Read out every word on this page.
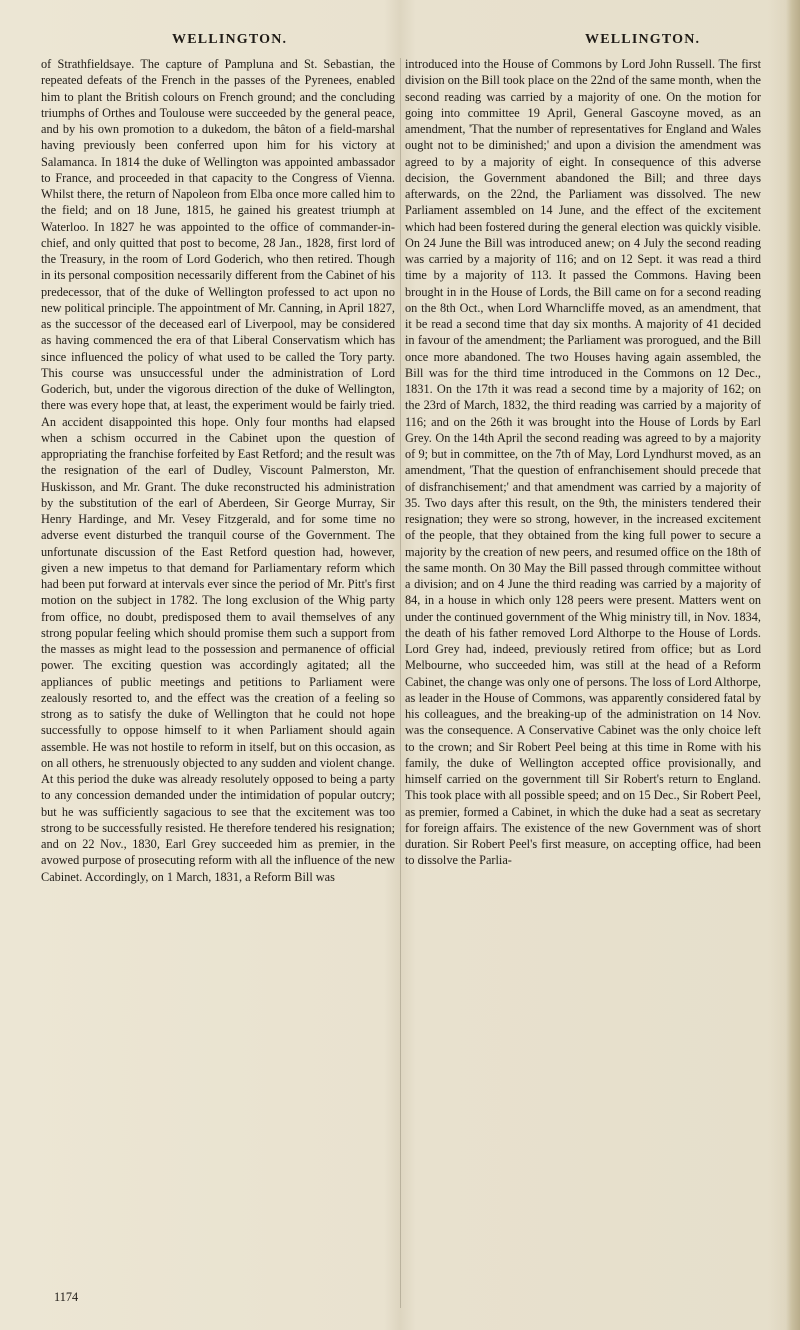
WELLINGTON.	WELLINGTON.

of Strathfieldsaye. The capture of Pampluna and St. Sebastian, the repeated defeats of the French in the passes of the Pyrenees, enabled him to plant the British colours on French ground; and the concluding triumphs of Orthes and Toulouse were succeeded by the general peace, and by his own promotion to a dukedom, the bâton of a field-marshal having previously been conferred upon him for his victory at Salamanca. In 1814 the duke of Wellington was appointed ambassador to France, and proceeded in that capacity to the Congress of Vienna. Whilst there, the return of Napoleon from Elba once more called him to the field; and on 18 June, 1815, he gained his greatest triumph at Waterloo. In 1827 he was appointed to the office of commander-in-chief, and only quitted that post to become, 28 Jan., 1828, first lord of the Treasury, in the room of Lord Goderich, who then retired. Though in its personal composition necessarily different from the Cabinet of his predecessor, that of the duke of Wellington professed to act upon no new political principle. The appointment of Mr. Canning, in April 1827, as the successor of the deceased earl of Liverpool, may be considered as having commenced the era of that Liberal Conservatism which has since influenced the policy of what used to be called the Tory party. This course was unsuccessful under the administration of Lord Goderich, but, under the vigorous direction of the duke of Wellington, there was every hope that, at least, the experiment would be fairly tried. An accident disappointed this hope. Only four months had elapsed when a schism occurred in the Cabinet upon the question of appropriating the franchise forfeited by East Retford; and the result was the resignation of the earl of Dudley, Viscount Palmerston, Mr. Huskisson, and Mr. Grant. The duke reconstructed his administration by the substitution of the earl of Aberdeen, Sir George Murray, Sir Henry Hardinge, and Mr. Vesey Fitzgerald, and for some time no adverse event disturbed the tranquil course of the Government. The unfortunate discussion of the East Retford question had, however, given a new impetus to that demand for Parliamentary reform which had been put forward at intervals ever since the period of Mr. Pitt's first motion on the subject in 1782. The long exclusion of the Whig party from office, no doubt, predisposed them to avail themselves of any strong popular feeling which should promise them such a support from the masses as might lead to the possession and permanence of official power. The exciting question was accordingly agitated; all the appliances of public meetings and petitions to Parliament were zealously resorted to, and the effect was the creation of a feeling so strong as to satisfy the duke of Wellington that he could not hope successfully to oppose himself to it when Parliament should again assemble. He was not hostile to reform in itself, but on this occasion, as on all others, he strenuously objected to any sudden and violent change. At this period the duke was already resolutely opposed to being a party to any concession demanded under the intimidation of popular outcry; but he was sufficiently sagacious to see that the excitement was too strong to be successfully resisted. He therefore tendered his resignation; and on 22 Nov., 1830, Earl Grey succeeded him as premier, in the avowed purpose of prosecuting reform with all the influence of the new Cabinet. Accordingly, on 1 March, 1831, a Reform Bill was

introduced into the House of Commons by Lord John Russell. The first division on the Bill took place on the 22nd of the same month, when the second reading was carried by a majority of one. On the motion for going into committee 19 April, General Gascoyne moved, as an amendment, 'That the number of representatives for England and Wales ought not to be diminished;' and upon a division the amendment was agreed to by a majority of eight. In consequence of this adverse decision, the Government abandoned the Bill; and three days afterwards, on the 22nd, the Parliament was dissolved. The new Parliament assembled on 14 June, and the effect of the excitement which had been fostered during the general election was quickly visible. On 24 June the Bill was introduced anew; on 4 July the second reading was carried by a majority of 116; and on 12 Sept. it was read a third time by a majority of 113. It passed the Commons. Having been brought in in the House of Lords, the Bill came on for a second reading on the 8th Oct., when Lord Wharncliffe moved, as an amendment, that it be read a second time that day six months. A majority of 41 decided in favour of the amendment; the Parliament was prorogued, and the Bill once more abandoned. The two Houses having again assembled, the Bill was for the third time introduced in the Commons on 12 Dec., 1831. On the 17th it was read a second time by a majority of 162; on the 23rd of March, 1832, the third reading was carried by a majority of 116; and on the 26th it was brought into the House of Lords by Earl Grey. On the 14th April the second reading was agreed to by a majority of 9; but in committee, on the 7th of May, Lord Lyndhurst moved, as an amendment, 'That the question of enfranchisement should precede that of disfranchisement;' and that amendment was carried by a majority of 35. Two days after this result, on the 9th, the ministers tendered their resignation; they were so strong, however, in the increased excitement of the people, that they obtained from the king full power to secure a majority by the creation of new peers, and resumed office on the 18th of the same month. On 30 May the Bill passed through committee without a division; and on 4 June the third reading was carried by a majority of 84, in a house in which only 128 peers were present. Matters went on under the continued government of the Whig ministry till, in Nov. 1834, the death of his father removed Lord Althorpe to the House of Lords. Lord Grey had, indeed, previously retired from office; but as Lord Melbourne, who succeeded him, was still at the head of a Reform Cabinet, the change was only one of persons. The loss of Lord Althorpe, as leader in the House of Commons, was apparently considered fatal by his colleagues, and the breaking-up of the administration on 14 Nov. was the consequence. A Conservative Cabinet was the only choice left to the crown; and Sir Robert Peel being at this time in Rome with his family, the duke of Wellington accepted office provisionally, and himself carried on the government till Sir Robert's return to England. This took place with all possible speed; and on 15 Dec., Sir Robert Peel, as premier, formed a Cabinet, in which the duke had a seat as secretary for foreign affairs. The existence of the new Government was of short duration. Sir Robert Peel's first measure, on accepting office, had been to dissolve the Parlia-

1174
